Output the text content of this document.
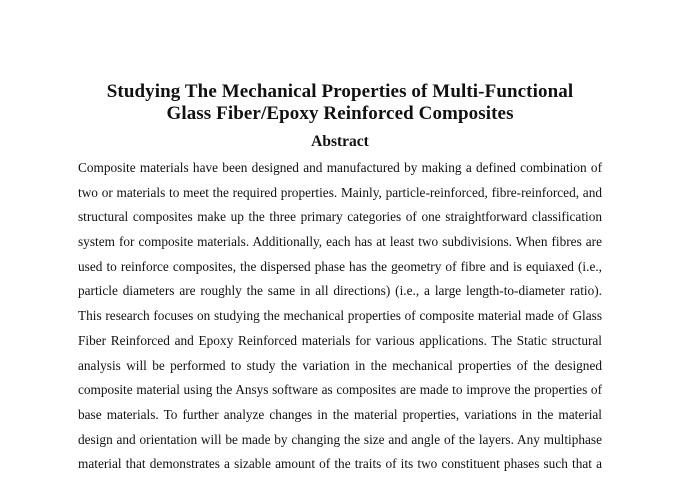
Studying The Mechanical Properties of Multi-Functional
Glass Fiber/Epoxy Reinforced Composites
Abstract
Composite materials have been designed and manufactured by making a defined combination of
two or materials to meet the required properties. Mainly, particle-reinforced, fibre-reinforced, and
structural composites make up the three primary categories of one straightforward classification
system for composite materials. Additionally, each has at least two subdivisions. When fibres are
used to reinforce composites, the dispersed phase has the geometry of fibre and is equiaxed (i.e.,
particle diameters are roughly the same in all directions) (i.e., a large length-to-diameter ratio).
This research focuses on studying the mechanical properties of composite material made of Glass
Fiber Reinforced and Epoxy Reinforced materials for various applications. The Static structural
analysis will be performed to study the variation in the mechanical properties of the designed
composite material using the Ansys software as composites are made to improve the properties of
base materials. To further analyze changes in the material properties, variations in the material
design and orientation will be made by changing the size and angle of the layers. Any multiphase
material that demonstrates a sizable amount of the traits of its two constituent phases such that a
